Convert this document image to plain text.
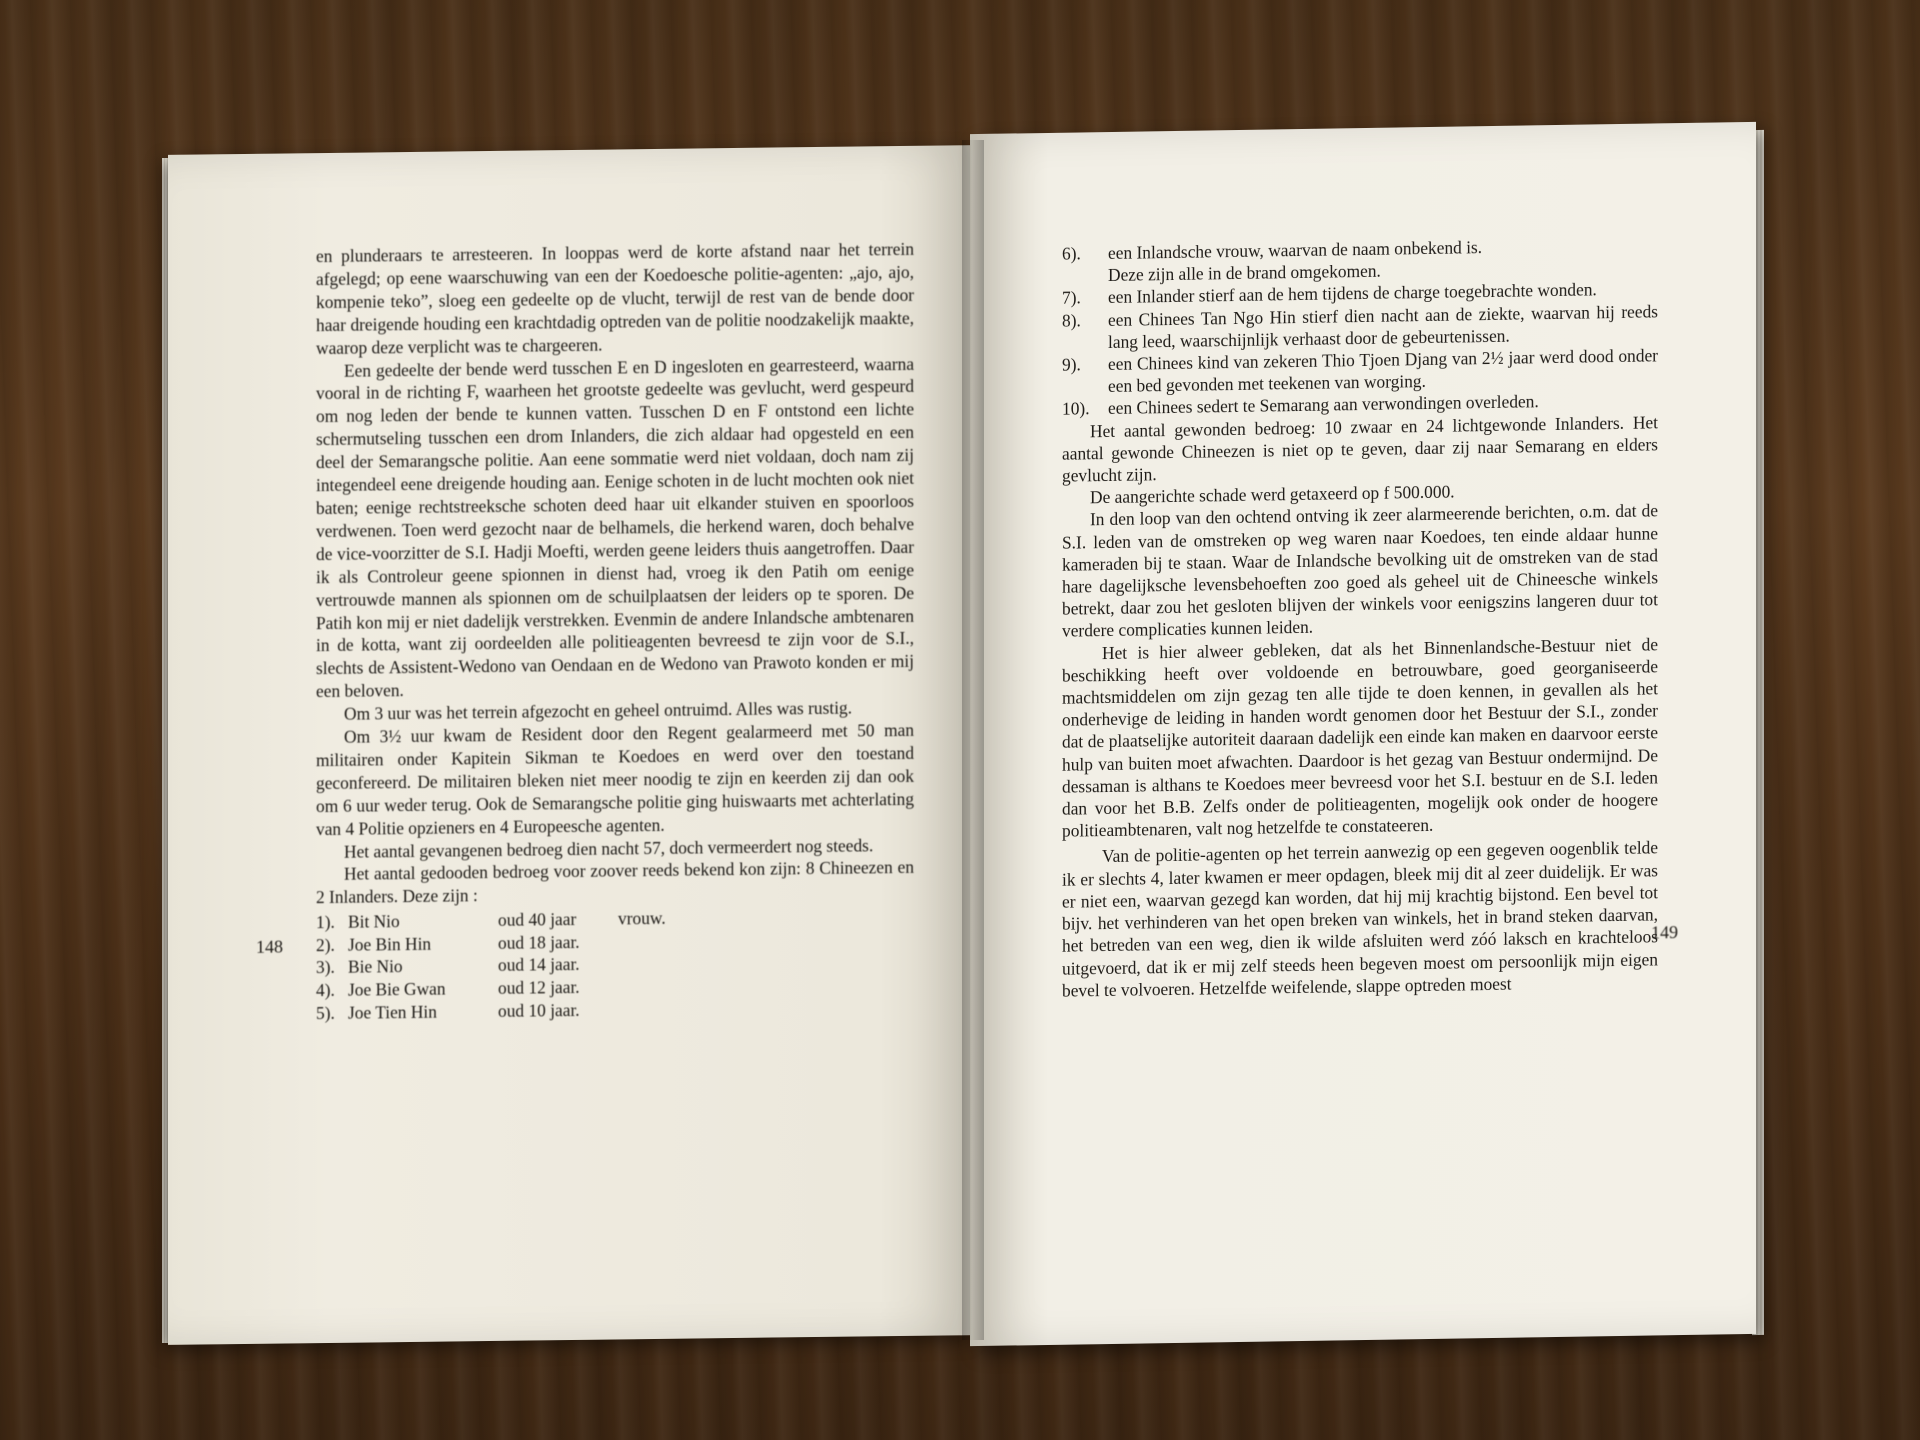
en plunderaars te arresteeren. In looppas werd de korte afstand naar het terrein afgelegd; op eene waarschuwing van een der Koedoesche politie-agenten: „ajo, ajo, kompenie teko”, sloeg een gedeelte op de vlucht, terwijl de rest van de bende door haar dreigende houding een krachtdadig optreden van de politie noodzakelijk maakte, waarop deze verplicht was te chargeeren.

Een gedeelte der bende werd tusschen E en D ingesloten en gearresteerd, waarna vooral in de richting F, waarheen het grootste gedeelte was gevlucht, werd gespeurd om nog leden der bende te kunnen vatten. Tusschen D en F ontstond een lichte schermutseling tusschen een drom Inlanders, die zich aldaar had opgesteld en een deel der Semarangsche politie. Aan eene sommatie werd niet voldaan, doch nam zij integendeel eene dreigende houding aan. Eenige schoten in de lucht mochten ook niet baten; eenige rechtstreeksche schoten deed haar uit elkander stuiven en spoorloos verdwenen. Toen werd gezocht naar de belhamels, die herkend waren, doch behalve de vice-voorzitter de S.I. Hadji Moefti, werden geene leiders thuis aangetroffen. Daar ik als Controleur geene spionnen in dienst had, vroeg ik den Patih om eenige vertrouwde mannen als spionnen om de schuilplaatsen der leiders op te sporen. De Patih kon mij er niet dadelijk verstrekken. Evenmin de andere Inlandsche ambtenaren in de kotta, want zij oordeelden alle politieagenten bevreesd te zijn voor de S.I., slechts de Assistent-Wedono van Oendaan en de Wedono van Prawoto konden er mij een beloven.

Om 3 uur was het terrein afgezocht en geheel ontruimd. Alles was rustig.

Om 3½ uur kwam de Resident door den Regent gealarmeerd met 50 man militairen onder Kapitein Sikman te Koedoes en werd over den toestand geconfereerd. De militairen bleken niet meer noodig te zijn en keerden zij dan ook om 6 uur weder terug. Ook de Semarangsche politie ging huiswaarts met achterlating van 4 Politie opzieners en 4 Europeesche agenten.

Het aantal gevangenen bedroeg dien nacht 57, doch vermeerdert nog steeds.

Het aantal gedooden bedroeg voor zoover reeds bekend kon zijn: 8 Chineezen en 2 Inlanders. Deze zijn :

1). Bit Nio	oud 40 jaar	vrouw.
2). Joe Bin Hin	oud 18 jaar.
3). Bie Nio	oud 14 jaar.
4). Joe Bie Gwan	oud 12 jaar.
5). Joe Tien Hin	oud 10 jaar.
148
6).	een Inlandsche vrouw, waarvan de naam onbekend is.
Deze zijn alle in de brand omgekomen.
7).	een Inlander stierf aan de hem tijdens de charge toegebrachte wonden.
8).	een Chinees Tan Ngo Hin stierf dien nacht aan de ziekte, waarvan hij reeds lang leed, waarschijnlijk verhaast door de gebeurtenissen.
9).	een Chinees kind van zekeren Thio Tjoen Djang van 2½ jaar werd dood onder een bed gevonden met teekenen van worging.
10).	een Chinees sedert te Semarang aan verwondingen overleden.

Het aantal gewonden bedroeg: 10 zwaar en 24 lichtgewonde Inlanders. Het aantal gewonde Chineezen is niet op te geven, daar zij naar Semarang en elders gevlucht zijn.

De aangerichte schade werd getaxeerd op f 500.000.

In den loop van den ochtend ontving ik zeer alarmeerende berichten, o.m. dat de S.I. leden van de omstreken op weg waren naar Koedoes, ten einde aldaar hunne kameraden bij te staan. Waar de Inlandsche bevolking uit de omstreken van de stad hare dagelijksche levensbehoeften zoo goed als geheel uit de Chineesche winkels betrekt, daar zou het gesloten blijven der winkels voor eenigszins langeren duur tot verdere complicaties kunnen leiden.

Het is hier alweer gebleken, dat als het Binnenlandsche-Bestuur niet de beschikking heeft over voldoende en betrouwbare, goed georganiseerde machtsmiddelen om zijn gezag ten alle tijde te doen kennen, in gevallen als het onderhevige de leiding in handen wordt genomen door het Bestuur der S.I., zonder dat de plaatselijke autoriteit daaraan dadelijk een einde kan maken en daarvoor eerste hulp van buiten moet afwachten. Daardoor is het gezag van Bestuur ondermijnd. De dessaman is althans te Koedoes meer bevreesd voor het S.I. bestuur en de S.I. leden dan voor het B.B. Zelfs onder de politieagenten, mogelijk ook onder de hoogere politieambtenaren, valt nog hetzelfde te constateeren.

Van de politie-agenten op het terrein aanwezig op een gegeven oogenblik telde ik er slechts 4, later kwamen er meer opdagen, bleek mij dit al zeer duidelijk. Er was er niet een, waarvan gezegd kan worden, dat hij mij krachtig bijstond. Een bevel tot bijv. het verhinderen van het open breken van winkels, het in brand steken daarvan, het betreden van een weg, dien ik wilde afsluiten werd zóó laksch en krachteloos uitgevoerd, dat ik er mij zelf steeds heen begeven moest om persoonlijk mijn eigen bevel te volvoeren. Hetzelfde weifelende, slappe optreden moest

149
